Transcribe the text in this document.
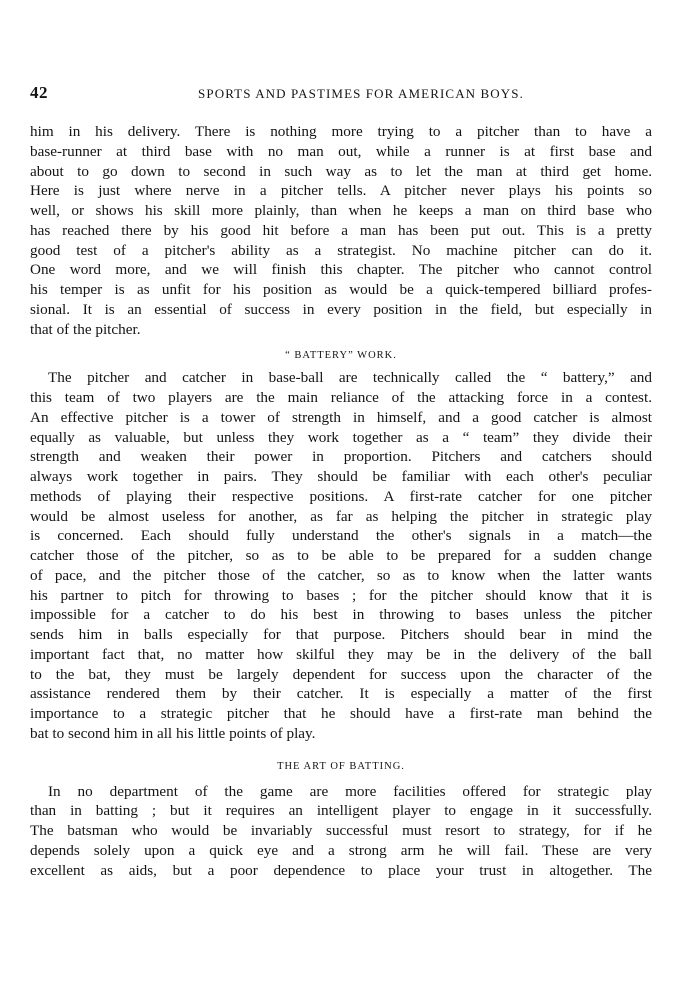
42	SPORTS AND PASTIMES FOR AMERICAN BOYS.
him in his delivery. There is nothing more trying to a pitcher than to have a
base-runner at third base with no man out, while a runner is at first base and
about to go down to second in such way as to let the man at third get home.
Here is just where nerve in a pitcher tells. A pitcher never plays his points so
well, or shows his skill more plainly, than when he keeps a man on third base who
has reached there by his good hit before a man has been put out. This is a pretty
good test of a pitcher's ability as a strategist. No machine pitcher can do it.
One word more, and we will finish this chapter. The pitcher who cannot control
his temper is as unfit for his position as would be a quick-tempered billiard profes-
sional. It is an essential of success in every position in the field, but especially in
that of the pitcher.
“ BATTERY” WORK.
The pitcher and catcher in base-ball are technically called the “ battery,” and
this team of two players are the main reliance of the attacking force in a contest.
An effective pitcher is a tower of strength in himself, and a good catcher is almost
equally as valuable, but unless they work together as a “ team” they divide their
strength and weaken their power in proportion. Pitchers and catchers should
always work together in pairs. They should be familiar with each other's peculiar
methods of playing their respective positions. A first-rate catcher for one pitcher
would be almost useless for another, as far as helping the pitcher in strategic play
is concerned. Each should fully understand the other's signals in a match—the
catcher those of the pitcher, so as to be able to be prepared for a sudden change
of pace, and the pitcher those of the catcher, so as to know when the latter wants
his partner to pitch for throwing to bases ; for the pitcher should know that it is
impossible for a catcher to do his best in throwing to bases unless the pitcher
sends him in balls especially for that purpose. Pitchers should bear in mind the
important fact that, no matter how skilful they may be in the delivery of the ball
to the bat, they must be largely dependent for success upon the character of the
assistance rendered them by their catcher. It is especially a matter of the first
importance to a strategic pitcher that he should have a first-rate man behind the
bat to second him in all his little points of play.
THE ART OF BATTING.
In no department of the game are more facilities offered for strategic play
than in batting ; but it requires an intelligent player to engage in it successfully.
The batsman who would be invariably successful must resort to strategy, for if he
depends solely upon a quick eye and a strong arm he will fail. These are very
excellent as aids, but a poor dependence to place your trust in altogether. The
